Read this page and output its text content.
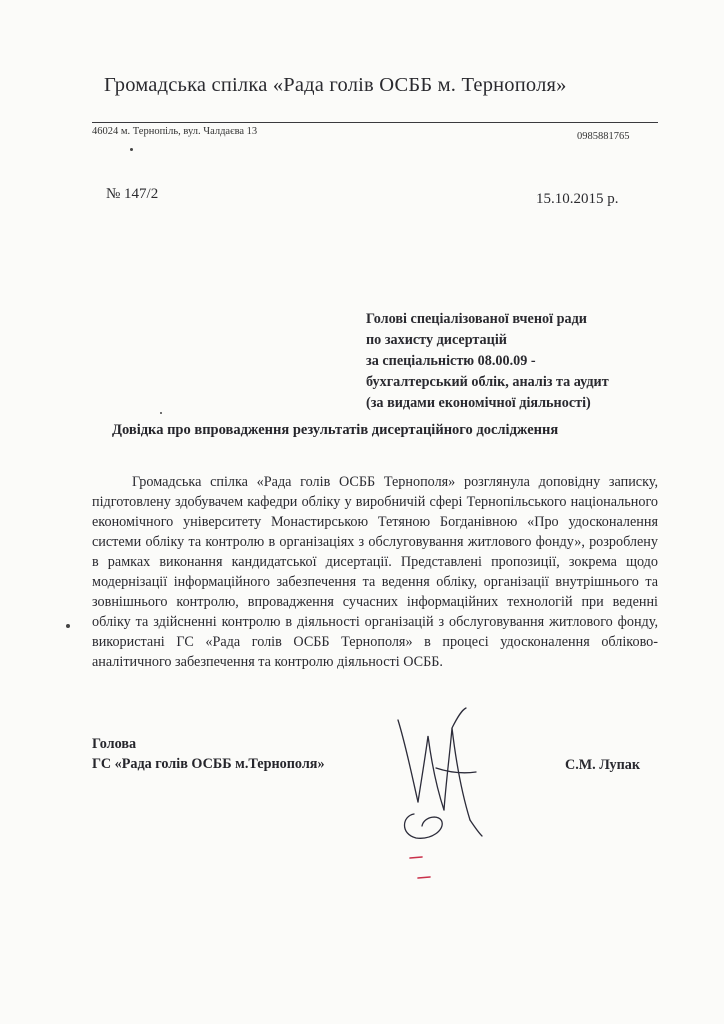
Громадська спілка «Рада голів ОСББ м. Тернополя»
46024 м. Тернопіль, вул. Чалдаєва 13	0985881765
№ 147/2	15.10.2015 р.
Голові спеціалізованої вченої ради
по захисту дисертацій
за спеціальністю 08.00.09 -
бухгалтерський облік, аналіз та аудит
(за видами економічної діяльності)
Довідка про впровадження результатів дисертаційного дослідження

Громадська спілка «Рада голів ОСББ Тернополя» розглянула доповідну записку, підготовлену здобувачем кафедри обліку у виробничій сфері Тернопільського національного економічного університету Монастирською Тетяною Богданівною «Про удосконалення системи обліку та контролю в організаціях з обслуговування житлового фонду», розроблену в рамках виконання кандидатської дисертації. Представлені пропозиції, зокрема щодо модернізації інформаційного забезпечення та ведення обліку, організації внутрішнього та зовнішнього контролю, впровадження сучасних інформаційних технологій при веденні обліку та здійсненні контролю в діяльності організацій з обслуговування житлового фонду, використані ГС «Рада голів ОСББ Тернополя» в процесі удосконалення обліково-аналітичного забезпечення та контролю діяльності ОСББ.

Голова
ГС «Рада голів ОСББ м.Тернополя»	С.М. Лупак
